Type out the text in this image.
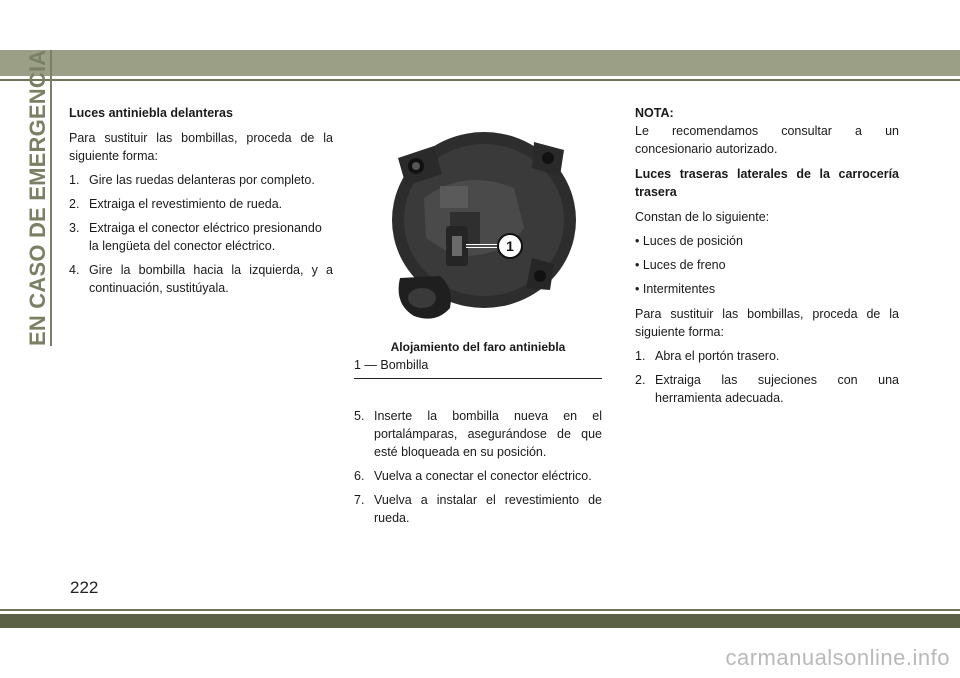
EN CASO DE EMERGENCIA Luces antiniebla delanteras

Para sustituir las bombillas, proceda de la siguiente forma:

1. Gire las ruedas delanteras por completo.
2. Extraiga el revestimiento de rueda.
3. Extraiga el conector eléctrico presionando la lengüeta del conector eléctrico.
4. Gire la bombilla hacia la izquierda, y a continuación, sustitúyala.
1

Alojamiento del faro antiniebla

1 — Bombilla

5. Inserte la bombilla nueva en el portalámparas, asegurándose de que esté bloqueada en su posición.
6. Vuelva a conectar el conector eléctrico.
7. Vuelva a instalar el revestimiento de rueda.

NOTA:

Le recomendamos consultar a un concesionario autorizado.

Luces traseras laterales de la carrocería trasera

Constan de lo siguiente:

• Luces de posición

• Luces de freno

• Intermitentes

Para sustituir las bombillas, proceda de la siguiente forma:

1. Abra el portón trasero.
2. Extraiga las sujeciones con una herramienta adecuada.
222
carmanualsonline.info
